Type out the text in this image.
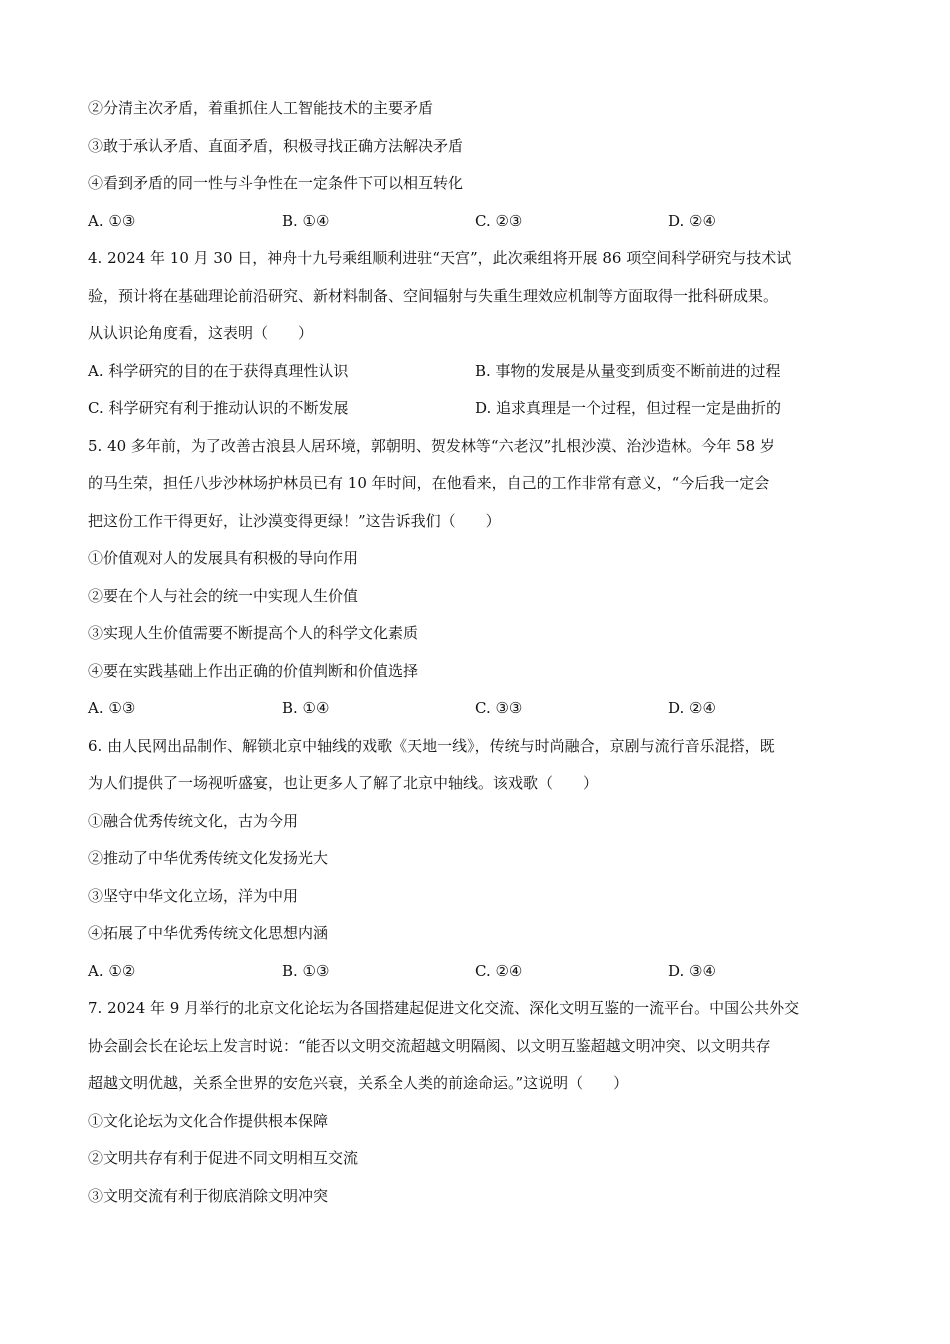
②分清主次矛盾，着重抓住人工智能技术的主要矛盾
③敢于承认矛盾、直面矛盾，积极寻找正确方法解决矛盾
④看到矛盾的同一性与斗争性在一定条件下可以相互转化
A. ①③	B. ①④	C. ②③	D. ②④
4. 2024 年 10 月 30 日，神舟十九号乘组顺利进驻“天宫”，此次乘组将开展 86 项空间科学研究与技术试
验，预计将在基础理论前沿研究、新材料制备、空间辐射与失重生理效应机制等方面取得一批科研成果。
从认识论角度看，这表明（　　）
A. 科学研究的目的在于获得真理性认识	B. 事物的发展是从量变到质变不断前进的过程
C. 科学研究有利于推动认识的不断发展	D. 追求真理是一个过程，但过程一定是曲折的
5. 40 多年前，为了改善古浪县人居环境，郭朝明、贺发林等“六老汉”扎根沙漠、治沙造林。今年 58 岁
的马生荣，担任八步沙林场护林员已有 10 年时间，在他看来，自己的工作非常有意义，“今后我一定会
把这份工作干得更好，让沙漠变得更绿！”这告诉我们（　　）
①价值观对人的发展具有积极的导向作用
②要在个人与社会的统一中实现人生价值
③实现人生价值需要不断提高个人的科学文化素质
④要在实践基础上作出正确的价值判断和价值选择
A. ①③	B. ①④	C. ③③	D. ②④
6. 由人民网出品制作、解锁北京中轴线的戏歌《天地一线》，传统与时尚融合，京剧与流行音乐混搭，既
为人们提供了一场视听盛宴，也让更多人了解了北京中轴线。该戏歌（　　）
①融合优秀传统文化，古为今用
②推动了中华优秀传统文化发扬光大
③坚守中华文化立场，洋为中用
④拓展了中华优秀传统文化思想内涵
A. ①②	B. ①③	C. ②④	D. ③④
7. 2024 年 9 月举行的北京文化论坛为各国搭建起促进文化交流、深化文明互鉴的一流平台。中国公共外交
协会副会长在论坛上发言时说：“能否以文明交流超越文明隔阂、以文明互鉴超越文明冲突、以文明共存
超越文明优越，关系全世界的安危兴衰，关系全人类的前途命运。”这说明（　　）
①文化论坛为文化合作提供根本保障
②文明共存有利于促进不同文明相互交流
③文明交流有利于彻底消除文明冲突
